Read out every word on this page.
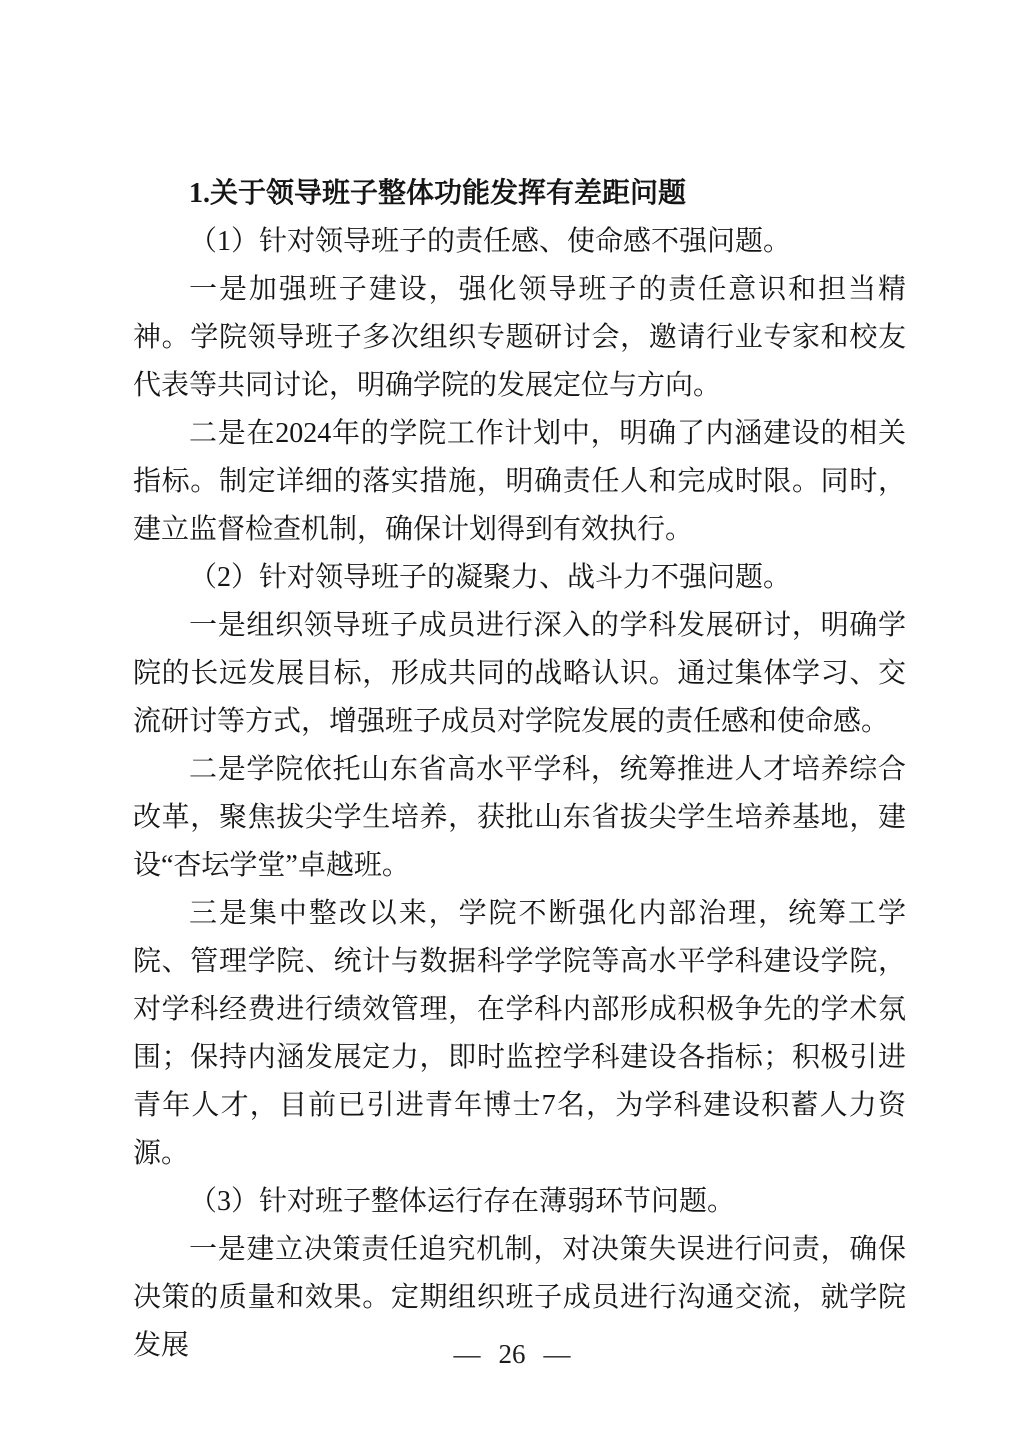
1.关于领导班子整体功能发挥有差距问题

（1）针对领导班子的责任感、使命感不强问题。

一是加强班子建设，强化领导班子的责任意识和担当精神。学院领导班子多次组织专题研讨会，邀请行业专家和校友代表等共同讨论，明确学院的发展定位与方向。

二是在2024年的学院工作计划中，明确了内涵建设的相关指标。制定详细的落实措施，明确责任人和完成时限。同时，建立监督检查机制，确保计划得到有效执行。

（2）针对领导班子的凝聚力、战斗力不强问题。

一是组织领导班子成员进行深入的学科发展研讨，明确学院的长远发展目标，形成共同的战略认识。通过集体学习、交流研讨等方式，增强班子成员对学院发展的责任感和使命感。

二是学院依托山东省高水平学科，统筹推进人才培养综合改革，聚焦拔尖学生培养，获批山东省拔尖学生培养基地，建设“杏坛学堂”卓越班。

三是集中整改以来，学院不断强化内部治理，统筹工学院、管理学院、统计与数据科学学院等高水平学科建设学院，对学科经费进行绩效管理，在学科内部形成积极争先的学术氛围；保持内涵发展定力，即时监控学科建设各指标；积极引进青年人才，目前已引进青年博士7名，为学科建设积蓄人力资源。

（3）针对班子整体运行存在薄弱环节问题。

一是建立决策责任追究机制，对决策失误进行问责，确保决策的质量和效果。定期组织班子成员进行沟通交流，就学院发展	— 26 —
